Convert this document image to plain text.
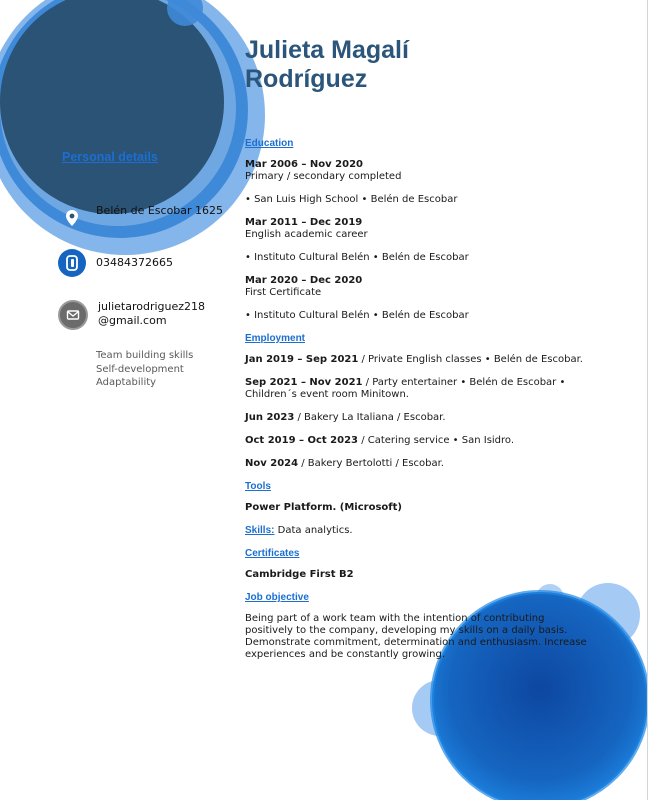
Julieta Magalí
Rodríguez
Personal details
Belén de Escobar 1625
03484372665
julietarodriguez218@gmail.com
Team building skills
Self-development
Adaptability
Education

Mar 2006 – Nov 2020

Primary / secondary completed

• San Luis High School • Belén de Escobar

Mar 2011 – Dec 2019

English academic career

• Instituto Cultural Belén • Belén de Escobar

Mar 2020 – Dec 2020

First Certificate

• Instituto Cultural Belén • Belén de Escobar

Employment

Jan 2019 – Sep 2021 / Private English classes • Belén de Escobar.

Sep 2021 – Nov 2021 / Party entertainer • Belén de Escobar • Children´s event room Minitown.

Jun 2023 / Bakery La Italiana / Escobar.

Oct 2019 – Oct 2023 / Catering service • San Isidro.

Nov 2024 / Bakery Bertolotti / Escobar.

Tools

Power Platform. (Microsoft)

Skills: Data analytics.

Certificates

Cambridge First B2

Job objective

Being part of a work team with the intention of contributing positively to the company, developing my skills on a daily basis. Demonstrate commitment, determination and enthusiasm. Increase experiences and be constantly growing.
